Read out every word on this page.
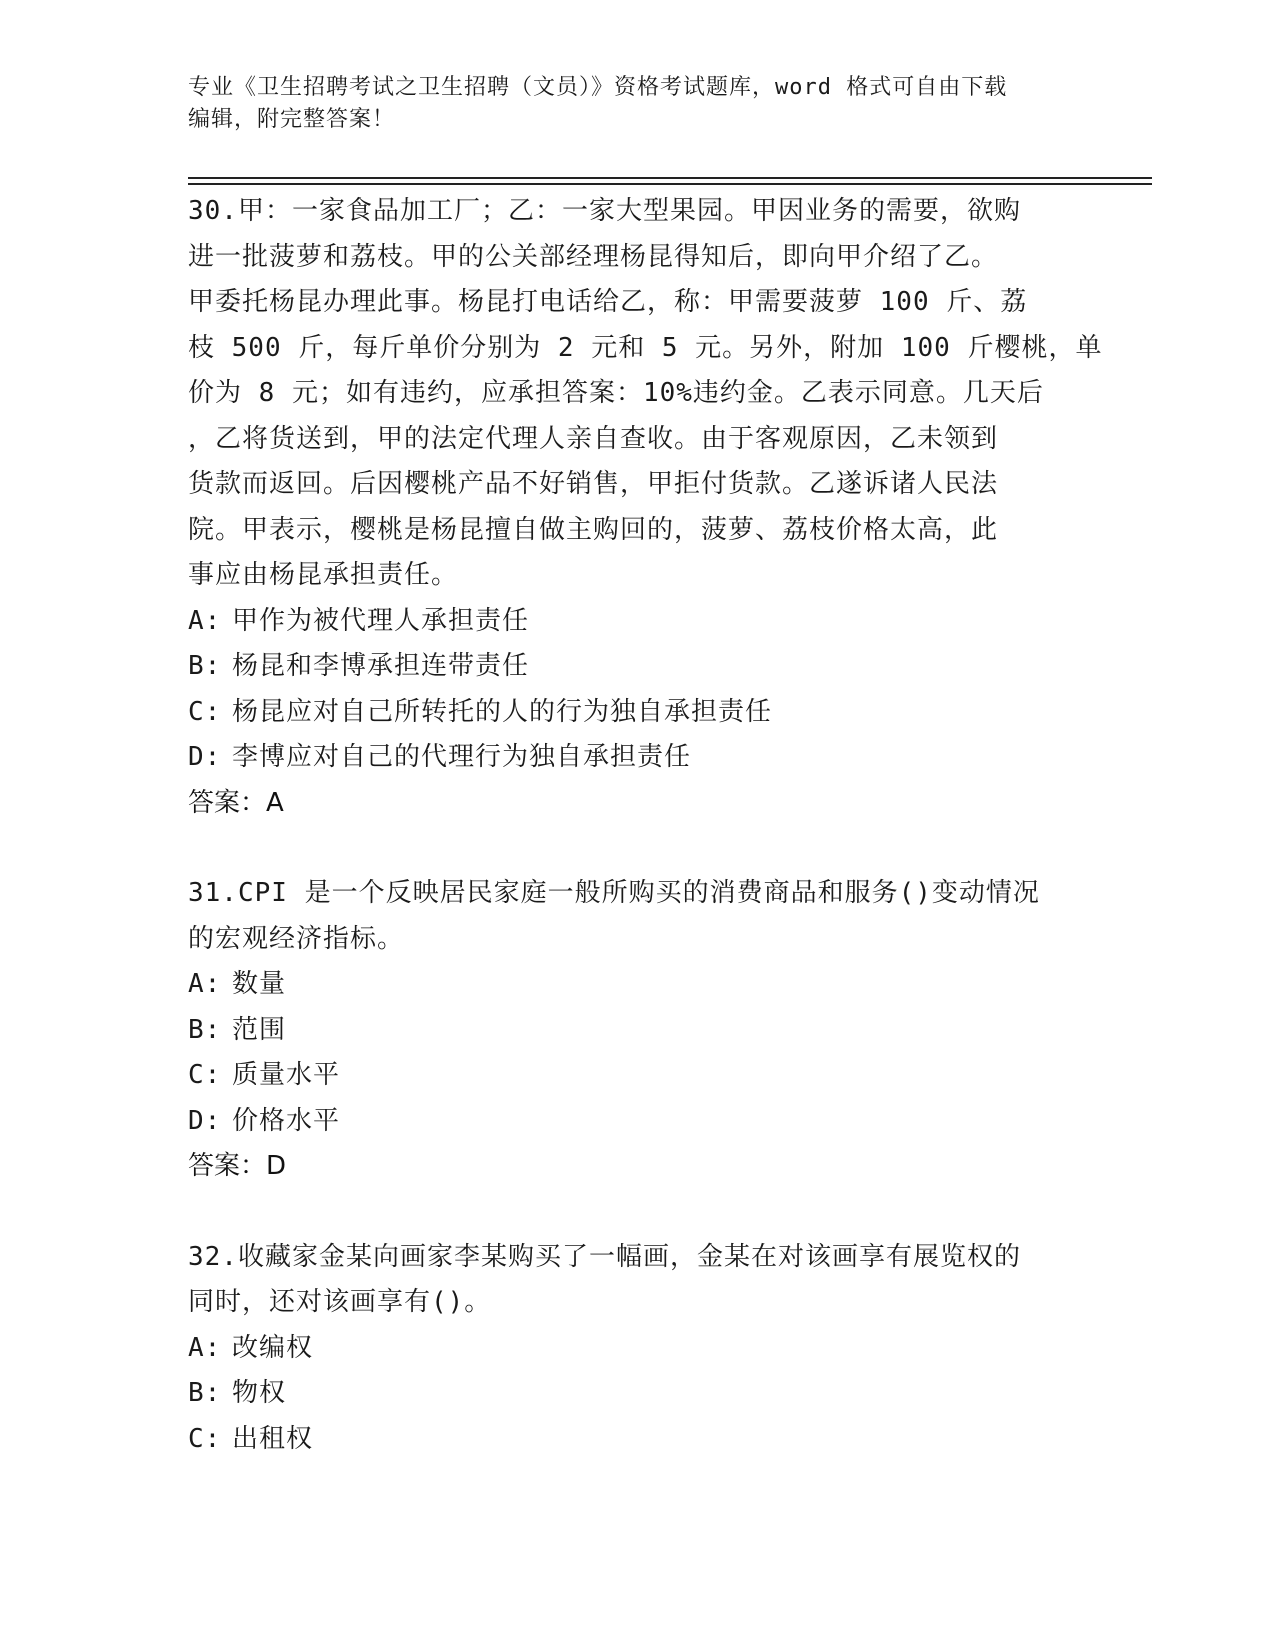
专业《卫生招聘考试之卫生招聘（文员）》资格考试题库，word 格式可自由下载
编辑，附完整答案！
30.甲：一家食品加工厂；乙：一家大型果园。甲因业务的需要，欲购
进一批菠萝和荔枝。甲的公关部经理杨昆得知后，即向甲介绍了乙。
甲委托杨昆办理此事。杨昆打电话给乙，称：甲需要菠萝 100 斤、荔
枝 500 斤，每斤单价分别为 2 元和 5 元。另外，附加 100 斤樱桃，单
价为 8 元；如有违约，应承担答案：10%违约金。乙表示同意。几天后
，乙将货送到，甲的法定代理人亲自查收。由于客观原因，乙未领到
货款而返回。后因樱桃产品不好销售，甲拒付货款。乙遂诉诸人民法
院。甲表示，樱桃是杨昆擅自做主购回的，菠萝、荔枝价格太高，此
事应由杨昆承担责任。
A: 甲作为被代理人承担责任
B: 杨昆和李博承担连带责任
C: 杨昆应对自己所转托的人的行为独自承担责任
D: 李博应对自己的代理行为独自承担责任
答案：A
31.CPI 是一个反映居民家庭一般所购买的消费商品和服务()变动情况
的宏观经济指标。
A: 数量
B: 范围
C: 质量水平
D: 价格水平
答案：D
32.收藏家金某向画家李某购买了一幅画，金某在对该画享有展览权的
同时，还对该画享有()。
A: 改编权
B: 物权
C: 出租权
